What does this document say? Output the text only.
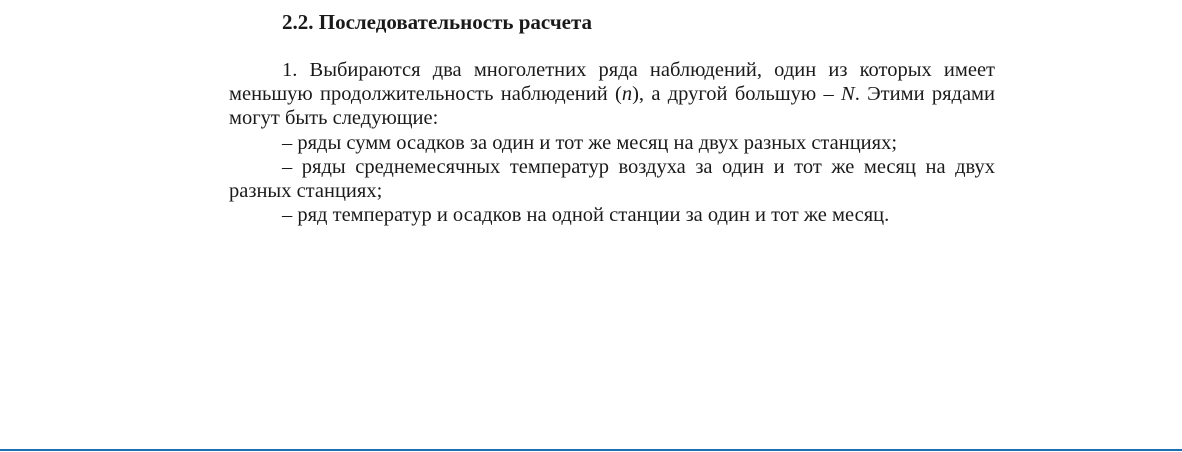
2.2. Последовательность расчета

1. Выбираются два многолетних ряда наблюдений, один из которых имеет меньшую продолжительность наблюдений (n), а другой большую – N. Этими рядами могут быть следующие:

– ряды сумм осадков за один и тот же месяц на двух разных станциях;

– ряды среднемесячных температур воздуха за один и тот же месяц на двух разных станциях;

– ряд температур и осадков на одной станции за один и тот же месяц.
